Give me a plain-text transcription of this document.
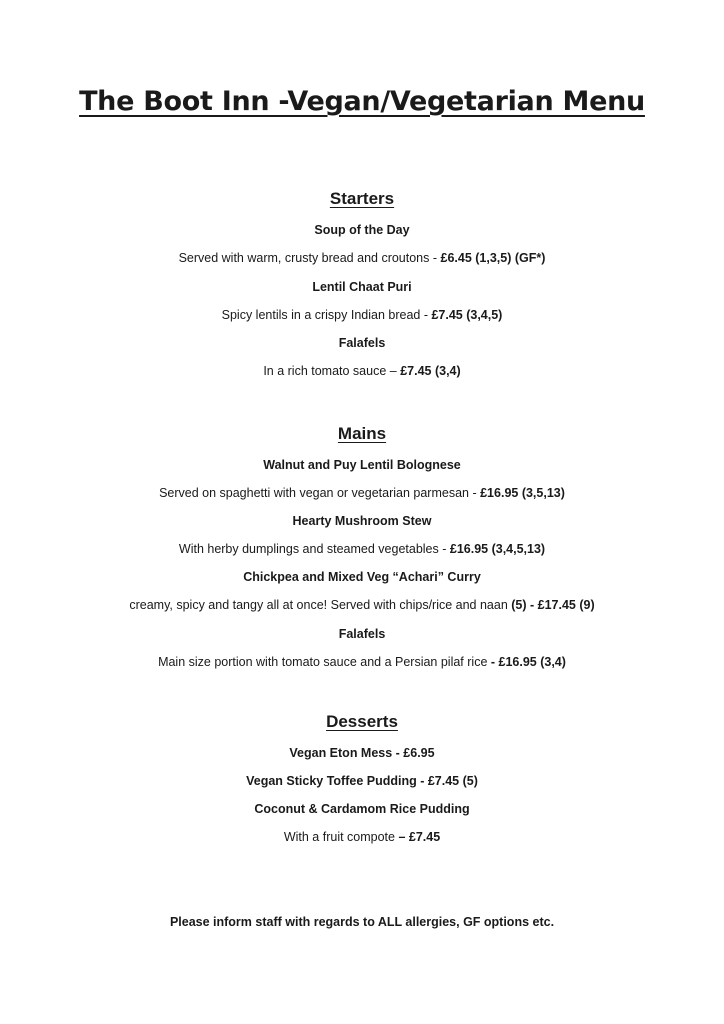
The Boot Inn -Vegan/Vegetarian Menu
Starters
Soup of the Day
Served with warm, crusty bread and croutons - £6.45 (1,3,5) (GF*)
Lentil Chaat Puri
Spicy lentils in a crispy Indian bread - £7.45 (3,4,5)
Falafels
In a rich tomato sauce – £7.45 (3,4)
Mains
Walnut and Puy Lentil Bolognese
Served on spaghetti with vegan or vegetarian parmesan - £16.95 (3,5,13)
Hearty Mushroom Stew
With herby dumplings and steamed vegetables - £16.95 (3,4,5,13)
Chickpea and Mixed Veg “Achari” Curry
creamy, spicy and tangy all at once! Served with chips/rice and naan (5) - £17.45 (9)
Falafels
Main size portion with tomato sauce and a Persian pilaf rice - £16.95 (3,4)
Desserts
Vegan Eton Mess - £6.95
Vegan Sticky Toffee Pudding - £7.45 (5)
Coconut & Cardamom Rice Pudding
With a fruit compote – £7.45
Please inform staff with regards to ALL allergies, GF options etc.
